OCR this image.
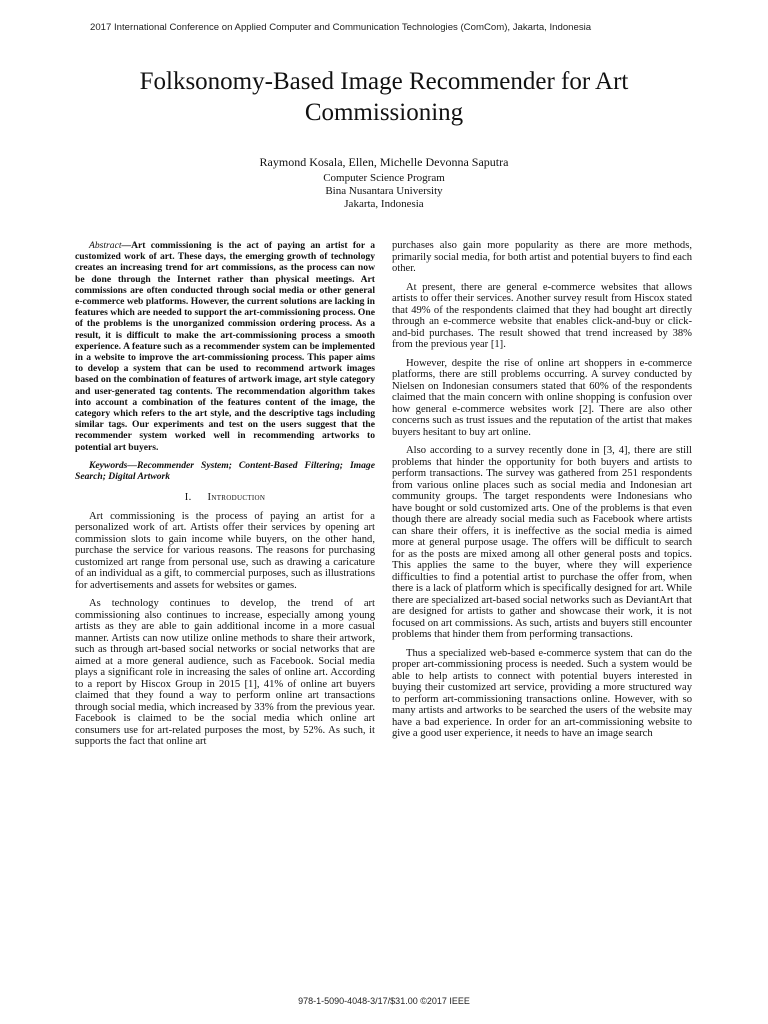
2017 International Conference on Applied Computer and Communication Technologies (ComCom), Jakarta, Indonesia
Folksonomy-Based Image Recommender for Art Commissioning
Raymond Kosala, Ellen, Michelle Devonna Saputra
Computer Science Program
Bina Nusantara University
Jakarta, Indonesia

Abstract—Art commissioning is the act of paying an artist for a customized work of art. These days, the emerging growth of technology creates an increasing trend for art commissions, as the process can now be done through the Internet rather than physical meetings. Art commissions are often conducted through social media or other general e-commerce web platforms. However, the current solutions are lacking in features which are needed to support the art-commissioning process. One of the problems is the unorganized commission ordering process. As a result, it is difficult to make the art-commissioning process a smooth experience. A feature such as a recommender system can be implemented in a website to improve the art-commissioning process. This paper aims to develop a system that can be used to recommend artwork images based on the combination of features of artwork image, art style category and user-generated tag contents. The recommendation algorithm takes into account a combination of the features content of the image, the category which refers to the art style, and the descriptive tags including similar tags. Our experiments and test on the users suggest that the recommender system worked well in recommending artworks to potential art buyers.

Keywords—Recommender System; Content-Based Filtering; Image Search; Digital Artwork

I. Introduction

Art commissioning is the process of paying an artist for a personalized work of art. Artists offer their services by opening art commission slots to gain income while buyers, on the other hand, purchase the service for various reasons. The reasons for purchasing customized art range from personal use, such as drawing a caricature of an individual as a gift, to commercial purposes, such as illustrations for advertisements and assets for websites or games.

As technology continues to develop, the trend of art commissioning also continues to increase, especially among young artists as they are able to gain additional income in a more casual manner. Artists can now utilize online methods to share their artwork, such as through art-based social networks or social networks that are aimed at a more general audience, such as Facebook. Social media plays a significant role in increasing the sales of online art. According to a report by Hiscox Group in 2015 [1], 41% of online art buyers claimed that they found a way to perform online art transactions through social media, which increased by 33% from the previous year. Facebook is claimed to be the social media which online art consumers use for art-related purposes the most, by 52%. As such, it supports the fact that online art

purchases also gain more popularity as there are more methods, primarily social media, for both artist and potential buyers to find each other.

At present, there are general e-commerce websites that allows artists to offer their services. Another survey result from Hiscox stated that 49% of the respondents claimed that they had bought art directly through an e-commerce website that enables click-and-buy or click-and-bid purchases. The result showed that trend increased by 38% from the previous year [1].

However, despite the rise of online art shoppers in e-commerce platforms, there are still problems occurring. A survey conducted by Nielsen on Indonesian consumers stated that 60% of the respondents claimed that the main concern with online shopping is confusion over how general e-commerce websites work [2]. There are also other concerns such as trust issues and the reputation of the artist that makes buyers hesitant to buy art online.

Also according to a survey recently done in [3, 4], there are still problems that hinder the opportunity for both buyers and artists to perform transactions. The survey was gathered from 251 respondents from various online places such as social media and Indonesian art community groups. The target respondents were Indonesians who have bought or sold customized arts. One of the problems is that even though there are already social media such as Facebook where artists can share their offers, it is ineffective as the social media is aimed more at general purpose usage. The offers will be difficult to search for as the posts are mixed among all other general posts and topics. This applies the same to the buyer, where they will experience difficulties to find a potential artist to purchase the offer from, when there is a lack of platform which is specifically designed for art. While there are specialized art-based social networks such as DeviantArt that are designed for artists to gather and showcase their work, it is not focused on art commissions. As such, artists and buyers still encounter problems that hinder them from performing transactions.

Thus a specialized web-based e-commerce system that can do the proper art-commissioning process is needed. Such a system would be able to help artists to connect with potential buyers interested in buying their customized art service, providing a more structured way to perform art-commissioning transactions online. However, with so many artists and artworks to be searched the users of the website may have a bad experience. In order for an art-commissioning website to give a good user experience, it needs to have an image search

978-1-5090-4048-3/17/$31.00 ©2017 IEEE
